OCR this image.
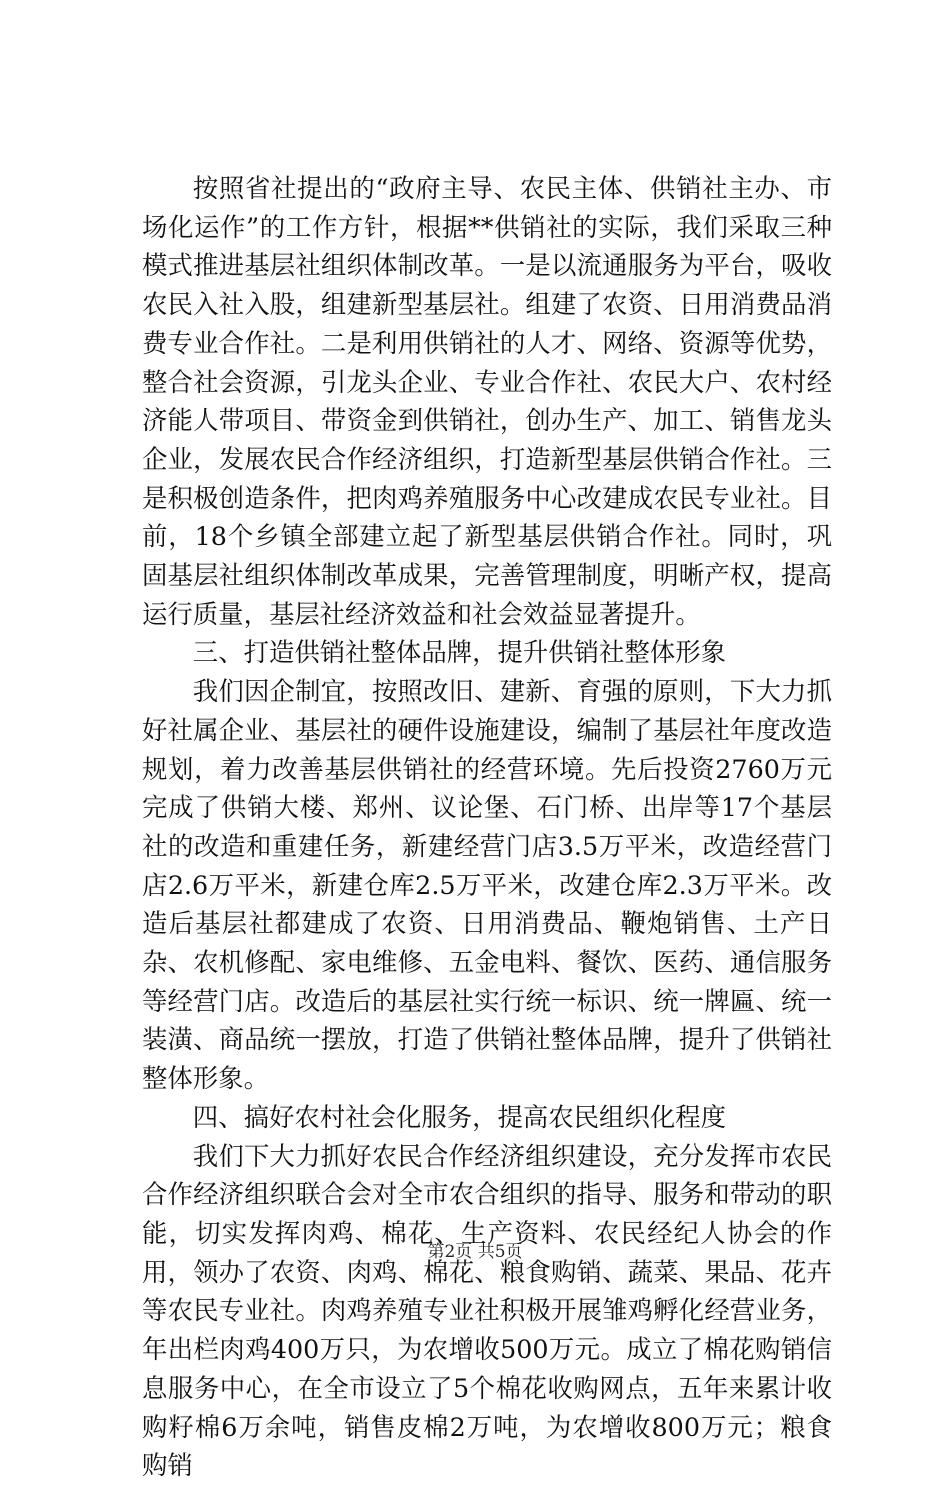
按照省社提出的“政府主导、农民主体、供销社主办、市场化运作”的工作方针，根据**供销社的实际，我们采取三种模式推进基层社组织体制改革。一是以流通服务为平台，吸收农民入社入股，组建新型基层社。组建了农资、日用消费品消费专业合作社。二是利用供销社的人才、网络、资源等优势，整合社会资源，引龙头企业、专业合作社、农民大户、农村经济能人带项目、带资金到供销社，创办生产、加工、销售龙头企业，发展农民合作经济组织，打造新型基层供销合作社。三是积极创造条件，把肉鸡养殖服务中心改建成农民专业社。目前，18个乡镇全部建立起了新型基层供销合作社。同时，巩固基层社组织体制改革成果，完善管理制度，明晰产权，提高运行质量，基层社经济效益和社会效益显著提升。

三、打造供销社整体品牌，提升供销社整体形象

我们因企制宜，按照改旧、建新、育强的原则，下大力抓好社属企业、基层社的硬件设施建设，编制了基层社年度改造规划，着力改善基层供销社的经营环境。先后投资2760万元完成了供销大楼、郑州、议论堡、石门桥、出岸等17个基层社的改造和重建任务，新建经营门店3.5万平米，改造经营门店2.6万平米，新建仓库2.5万平米，改建仓库2.3万平米。改造后基层社都建成了农资、日用消费品、鞭炮销售、土产日杂、农机修配、家电维修、五金电料、餐饮、医药、通信服务等经营门店。改造后的基层社实行统一标识、统一牌匾、统一装潢、商品统一摆放，打造了供销社整体品牌，提升了供销社整体形象。

四、搞好农村社会化服务，提高农民组织化程度

我们下大力抓好农民合作经济组织建设，充分发挥市农民合作经济组织联合会对全市农合组织的指导、服务和带动的职能，切实发挥肉鸡、棉花、生产资料、农民经纪人协会的作用，领办了农资、肉鸡、棉花、粮食购销、蔬菜、果品、花卉等农民专业社。肉鸡养殖专业社积极开展雏鸡孵化经营业务，年出栏肉鸡400万只，为农增收500万元。成立了棉花购销信息服务中心，在全市设立了5个棉花收购网点，五年来累计收购籽棉6万余吨，销售皮棉2万吨，为农增收800万元；粮食购销

第2页 共5页
